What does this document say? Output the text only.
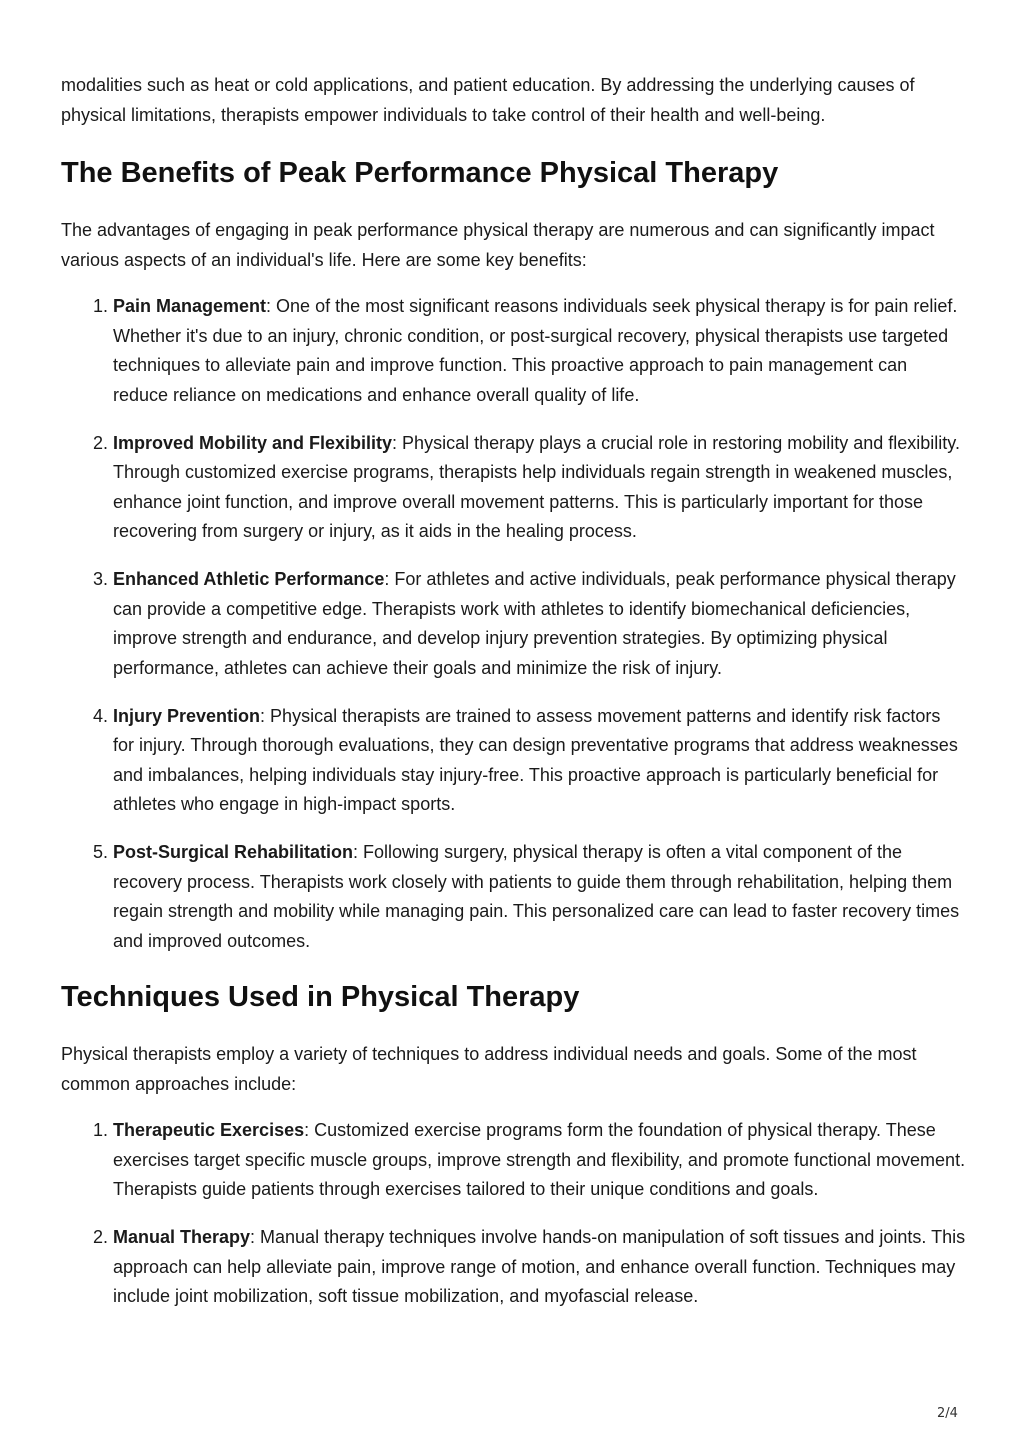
modalities such as heat or cold applications, and patient education. By addressing the underlying causes of physical limitations, therapists empower individuals to take control of their health and well-being.

The Benefits of Peak Performance Physical Therapy

The advantages of engaging in peak performance physical therapy are numerous and can significantly impact various aspects of an individual's life. Here are some key benefits:

1. Pain Management: One of the most significant reasons individuals seek physical therapy is for pain relief. Whether it's due to an injury, chronic condition, or post-surgical recovery, physical therapists use targeted techniques to alleviate pain and improve function. This proactive approach to pain management can reduce reliance on medications and enhance overall quality of life.
2. Improved Mobility and Flexibility: Physical therapy plays a crucial role in restoring mobility and flexibility. Through customized exercise programs, therapists help individuals regain strength in weakened muscles, enhance joint function, and improve overall movement patterns. This is particularly important for those recovering from surgery or injury, as it aids in the healing process.
3. Enhanced Athletic Performance: For athletes and active individuals, peak performance physical therapy can provide a competitive edge. Therapists work with athletes to identify biomechanical deficiencies, improve strength and endurance, and develop injury prevention strategies. By optimizing physical performance, athletes can achieve their goals and minimize the risk of injury.
4. Injury Prevention: Physical therapists are trained to assess movement patterns and identify risk factors for injury. Through thorough evaluations, they can design preventative programs that address weaknesses and imbalances, helping individuals stay injury-free. This proactive approach is particularly beneficial for athletes who engage in high-impact sports.
5. Post-Surgical Rehabilitation: Following surgery, physical therapy is often a vital component of the recovery process. Therapists work closely with patients to guide them through rehabilitation, helping them regain strength and mobility while managing pain. This personalized care can lead to faster recovery times and improved outcomes.
Techniques Used in Physical Therapy

Physical therapists employ a variety of techniques to address individual needs and goals. Some of the most common approaches include:

1. Therapeutic Exercises: Customized exercise programs form the foundation of physical therapy. These exercises target specific muscle groups, improve strength and flexibility, and promote functional movement. Therapists guide patients through exercises tailored to their unique conditions and goals.
2. Manual Therapy: Manual therapy techniques involve hands-on manipulation of soft tissues and joints. This approach can help alleviate pain, improve range of motion, and enhance overall function. Techniques may include joint mobilization, soft tissue mobilization, and myofascial release.
2/4
